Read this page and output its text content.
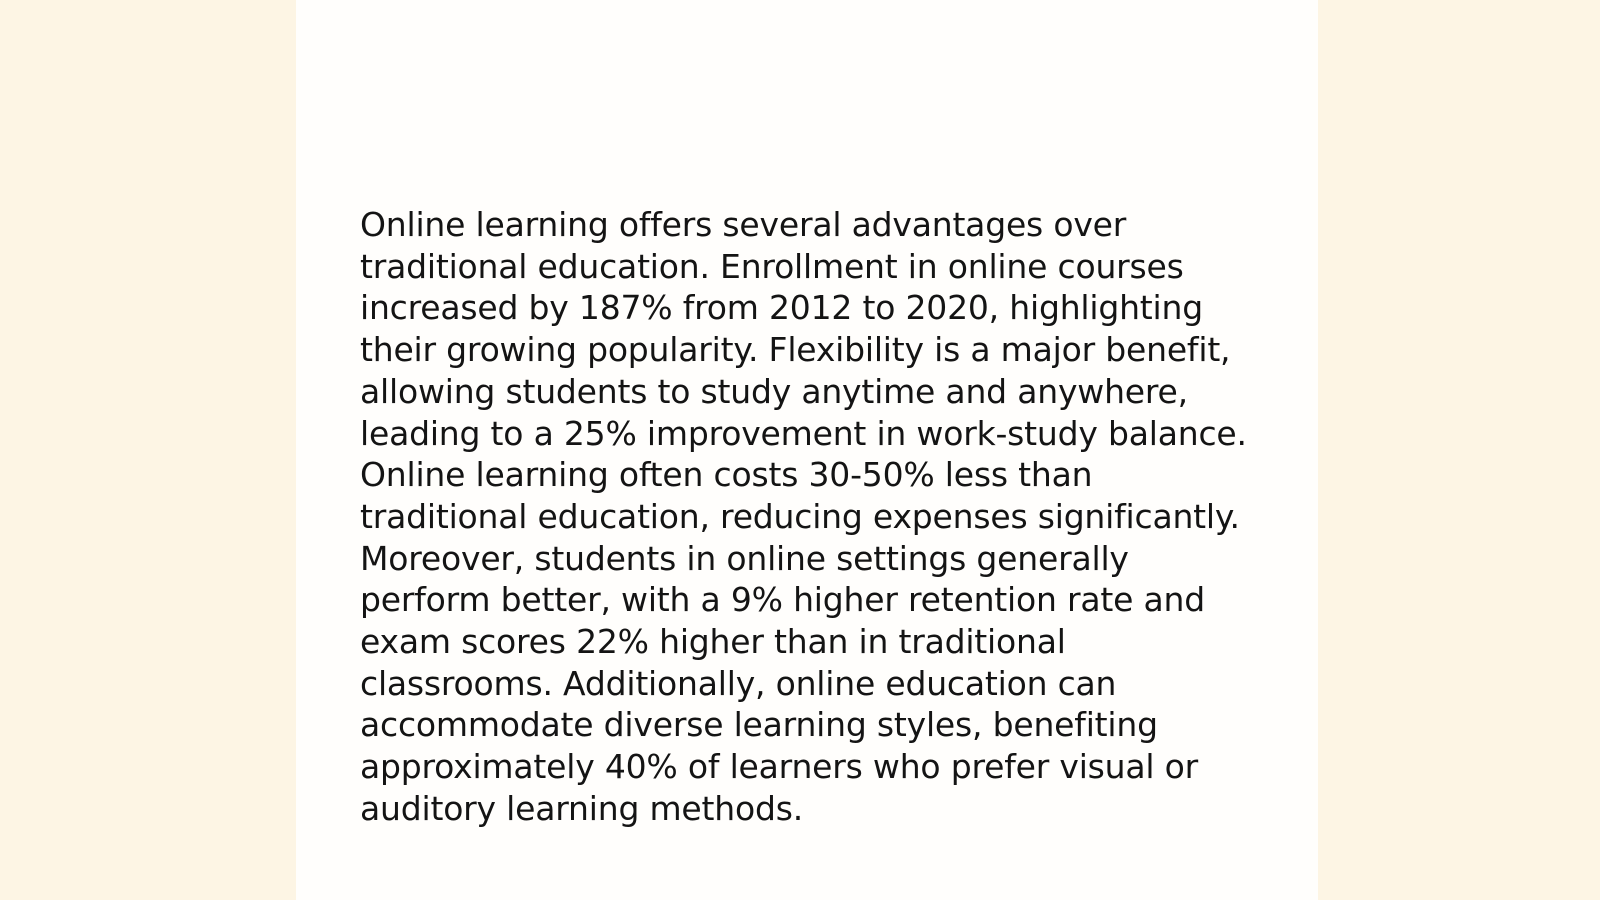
Online learning offers several advantages over traditional education. Enrollment in online courses increased by 187% from 2012 to 2020, highlighting their growing popularity. Flexibility is a major benefit, allowing students to study anytime and anywhere, leading to a 25% improvement in work-study balance. Online learning often costs 30-50% less than traditional education, reducing expenses significantly. Moreover, students in online settings generally perform better, with a 9% higher retention rate and exam scores 22% higher than in traditional classrooms. Additionally, online education can accommodate diverse learning styles, benefiting approximately 40% of learners who prefer visual or auditory learning methods.
